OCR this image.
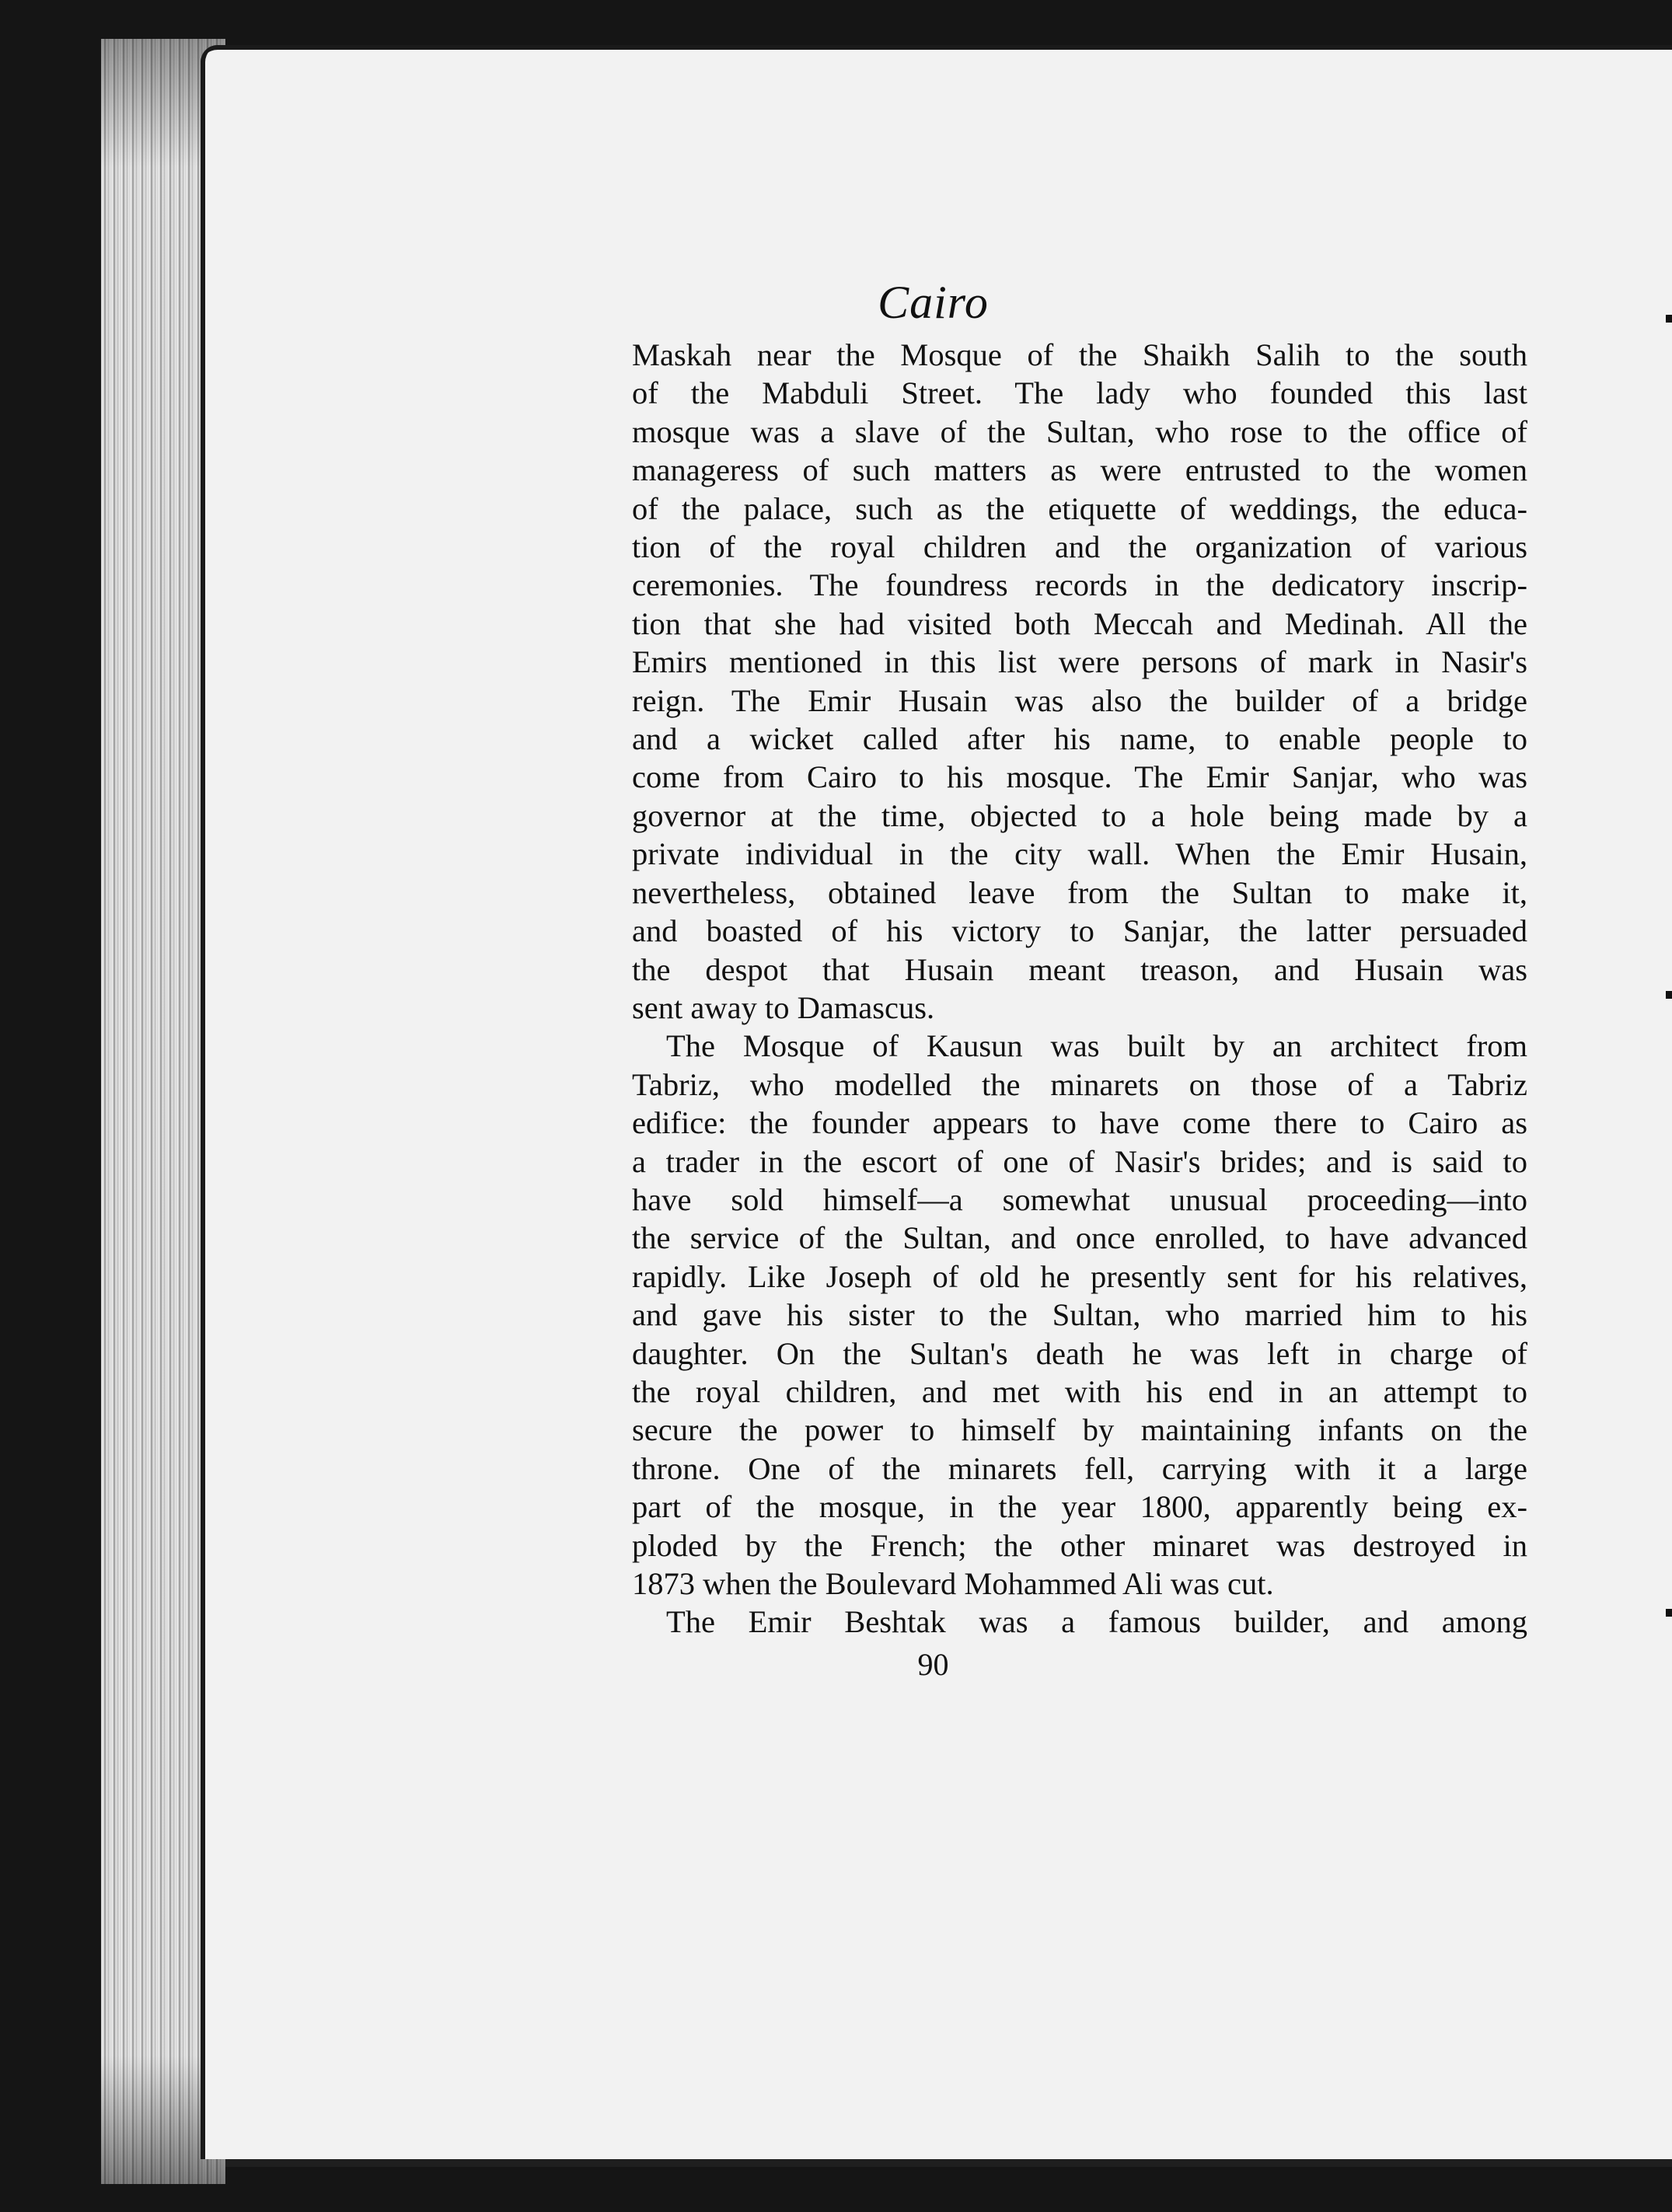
Cairo
Maskah near the Mosque of the Shaikh Salih to the south
of the Mabduli Street. The lady who founded this last
mosque was a slave of the Sultan, who rose to the office of
manageress of such matters as were entrusted to the women
of the palace, such as the etiquette of weddings, the educa-
tion of the royal children and the organization of various
ceremonies. The foundress records in the dedicatory inscrip-
tion that she had visited both Meccah and Medinah. All the
Emirs mentioned in this list were persons of mark in Nasir's
reign. The Emir Husain was also the builder of a bridge
and a wicket called after his name, to enable people to
come from Cairo to his mosque. The Emir Sanjar, who was
governor at the time, objected to a hole being made by a
private individual in the city wall. When the Emir Husain,
nevertheless, obtained leave from the Sultan to make it,
and boasted of his victory to Sanjar, the latter persuaded
the despot that Husain meant treason, and Husain was
sent away to Damascus.
The Mosque of Kausun was built by an architect from
Tabriz, who modelled the minarets on those of a Tabriz
edifice: the founder appears to have come there to Cairo as
a trader in the escort of one of Nasir's brides; and is said to
have sold himself—a somewhat unusual proceeding—into
the service of the Sultan, and once enrolled, to have advanced
rapidly. Like Joseph of old he presently sent for his relatives,
and gave his sister to the Sultan, who married him to his
daughter. On the Sultan's death he was left in charge of
the royal children, and met with his end in an attempt to
secure the power to himself by maintaining infants on the
throne. One of the minarets fell, carrying with it a large
part of the mosque, in the year 1800, apparently being ex-
ploded by the French; the other minaret was destroyed in
1873 when the Boulevard Mohammed Ali was cut.
The Emir Beshtak was a famous builder, and among
90
